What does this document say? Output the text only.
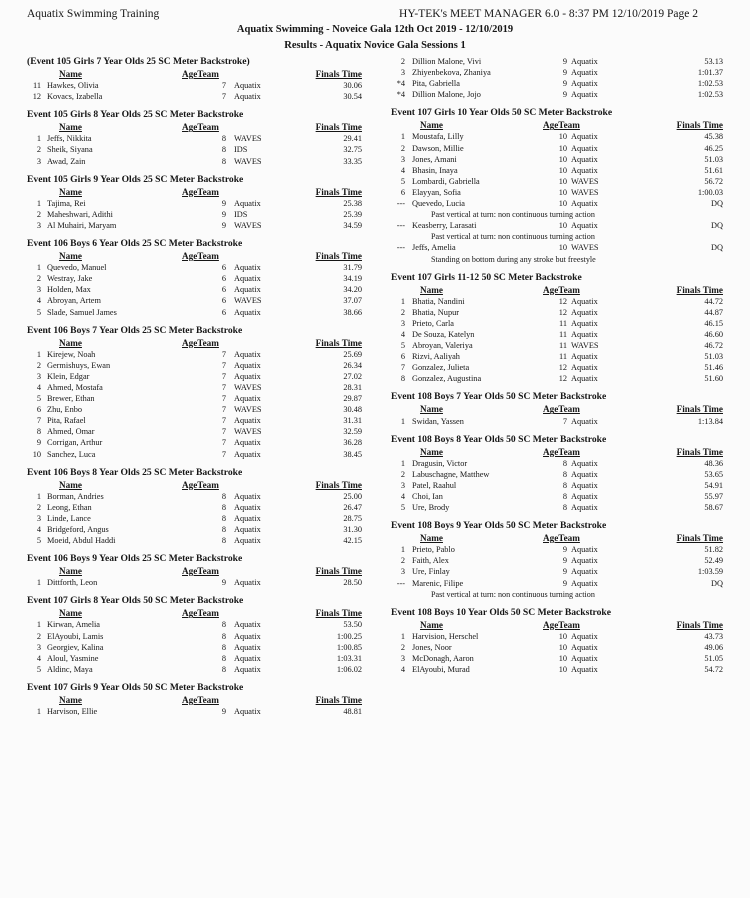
Aquatix Swimming Training	HY-TEK's MEET MANAGER 6.0 - 8:37 PM 12/10/2019 Page 2
Aquatix Swimming - Noveice Gala 12th Oct 2019 - 12/10/2019
Results - Aquatix Novice Gala Sessions 1
(Event 105 Girls 7 Year Olds 25 SC Meter Backstroke)
Name	AgeTeam	Finals Time
11 Hawkes, Olivia	7 Aquatix	30.06
12 Kovacs, Izabella	7 Aquatix	30.54
Event 105 Girls 8 Year Olds 25 SC Meter Backstroke
Name	AgeTeam	Finals Time
1 Jeffs, Nikkita	8 WAVES	29.41
2 Sheik, Siyana	8 IDS	32.75
3 Awad, Zain	8 WAVES	33.35
Event 105 Girls 9 Year Olds 25 SC Meter Backstroke
Name	AgeTeam	Finals Time
1 Tajima, Rei	9 Aquatix	25.38
2 Maheshwari, Adithi	9 IDS	25.39
3 Al Muhairi, Maryam	9 WAVES	34.59
Event 106 Boys 6 Year Olds 25 SC Meter Backstroke
Name	AgeTeam	Finals Time
1 Quevedo, Manuel	6 Aquatix	31.79
2 Westray, Jake	6 Aquatix	34.19
3 Holden, Max	6 Aquatix	34.20
4 Abroyan, Artem	6 WAVES	37.07
5 Slade, Samuel James	6 Aquatix	38.66
Event 106 Boys 7 Year Olds 25 SC Meter Backstroke
Name	AgeTeam	Finals Time
1 Kirejew, Noah	7 Aquatix	25.69
2 Germishuys, Ewan	7 Aquatix	26.34
3 Klein, Edgar	7 Aquatix	27.02
4 Ahmed, Mostafa	7 WAVES	28.31
5 Brewer, Ethan	7 Aquatix	29.87
6 Zhu, Enbo	7 WAVES	30.48
7 Pita, Rafael	7 Aquatix	31.31
8 Ahmed, Omar	7 WAVES	32.59
9 Corrigan, Arthur	7 Aquatix	36.28
10 Sanchez, Luca	7 Aquatix	38.45
Event 106 Boys 8 Year Olds 25 SC Meter Backstroke
Name	AgeTeam	Finals Time
1 Borman, Andries	8 Aquatix	25.00
2 Leong, Ethan	8 Aquatix	26.47
3 Linde, Lance	8 Aquatix	28.75
4 Bridgeford, Angus	8 Aquatix	31.30
5 Moeid, Abdul Haddi	8 Aquatix	42.15
Event 106 Boys 9 Year Olds 25 SC Meter Backstroke
Name	AgeTeam	Finals Time
1 Dittforth, Leon	9 Aquatix	28.50
Event 107 Girls 8 Year Olds 50 SC Meter Backstroke
Name	AgeTeam	Finals Time
1 Kirwan, Amelia	8 Aquatix	53.50
2 ElAyoubi, Lamis	8 Aquatix	1:00.25
3 Georgiev, Kalina	8 Aquatix	1:00.85
4 Aloul, Yasmine	8 Aquatix	1:03.31
5 Aldinc, Maya	8 Aquatix	1:06.02
Event 107 Girls 9 Year Olds 50 SC Meter Backstroke
Name	AgeTeam	Finals Time
1 Harvison, Ellie	9 Aquatix	48.81
2 Dillion Malone, Vivi	9 Aquatix	53.13
3 Zhiyenbekova, Zhaniya	9 Aquatix	1:01.37
*4 Pita, Gabriella	9 Aquatix	1:02.53
*4 Dillion Malone, Jojo	9 Aquatix	1:02.53
Event 107 Girls 10 Year Olds 50 SC Meter Backstroke
Name	AgeTeam	Finals Time
1 Moustafa, Lilly	10 Aquatix	45.38
2 Dawson, Millie	10 Aquatix	46.25
3 Jones, Amani	10 Aquatix	51.03
4 Bhasin, Inaya	10 Aquatix	51.61
5 Lombardi, Gabriella	10 WAVES	56.72
6 Elayyan, Sofia	10 WAVES	1:00.03
--- Quevedo, Lucia	10 Aquatix	DQ
Past vertical at turn: non continuous turning action
--- Keasberry, Larasati	10 Aquatix	DQ
Past vertical at turn: non continuous turning action
--- Jeffs, Amelia	10 WAVES	DQ
Standing on bottom during any stroke but freestyle
Event 107 Girls 11-12 50 SC Meter Backstroke
Name	AgeTeam	Finals Time
1 Bhatia, Nandini	12 Aquatix	44.72
2 Bhatia, Nupur	12 Aquatix	44.87
3 Prieto, Carla	11 Aquatix	46.15
4 De Souza, Katelyn	11 Aquatix	46.60
5 Abroyan, Valeriya	11 WAVES	46.72
6 Rizvi, Aaliyah	11 Aquatix	51.03
7 Gonzalez, Julieta	12 Aquatix	51.46
8 Gonzalez, Augustina	12 Aquatix	51.60
Event 108 Boys 7 Year Olds 50 SC Meter Backstroke
Name	AgeTeam	Finals Time
1 Swidan, Yassen	7 Aquatix	1:13.84
Event 108 Boys 8 Year Olds 50 SC Meter Backstroke
Name	AgeTeam	Finals Time
1 Dragusin, Victor	8 Aquatix	48.36
2 Labuschagne, Matthew	8 Aquatix	53.65
3 Patel, Raahul	8 Aquatix	54.91
4 Choi, Ian	8 Aquatix	55.97
5 Ure, Brody	8 Aquatix	58.67
Event 108 Boys 9 Year Olds 50 SC Meter Backstroke
Name	AgeTeam	Finals Time
1 Prieto, Pablo	9 Aquatix	51.82
2 Faith, Alex	9 Aquatix	52.49
3 Ure, Finlay	9 Aquatix	1:03.59
--- Marenic, Filipe	9 Aquatix	DQ
Past vertical at turn: non continuous turning action
Event 108 Boys 10 Year Olds 50 SC Meter Backstroke
Name	AgeTeam	Finals Time
1 Harvision, Herschel	10 Aquatix	43.73
2 Jones, Noor	10 Aquatix	49.06
3 McDonagh, Aaron	10 Aquatix	51.05
4 ElAyoubi, Murad	10 Aquatix	54.72
